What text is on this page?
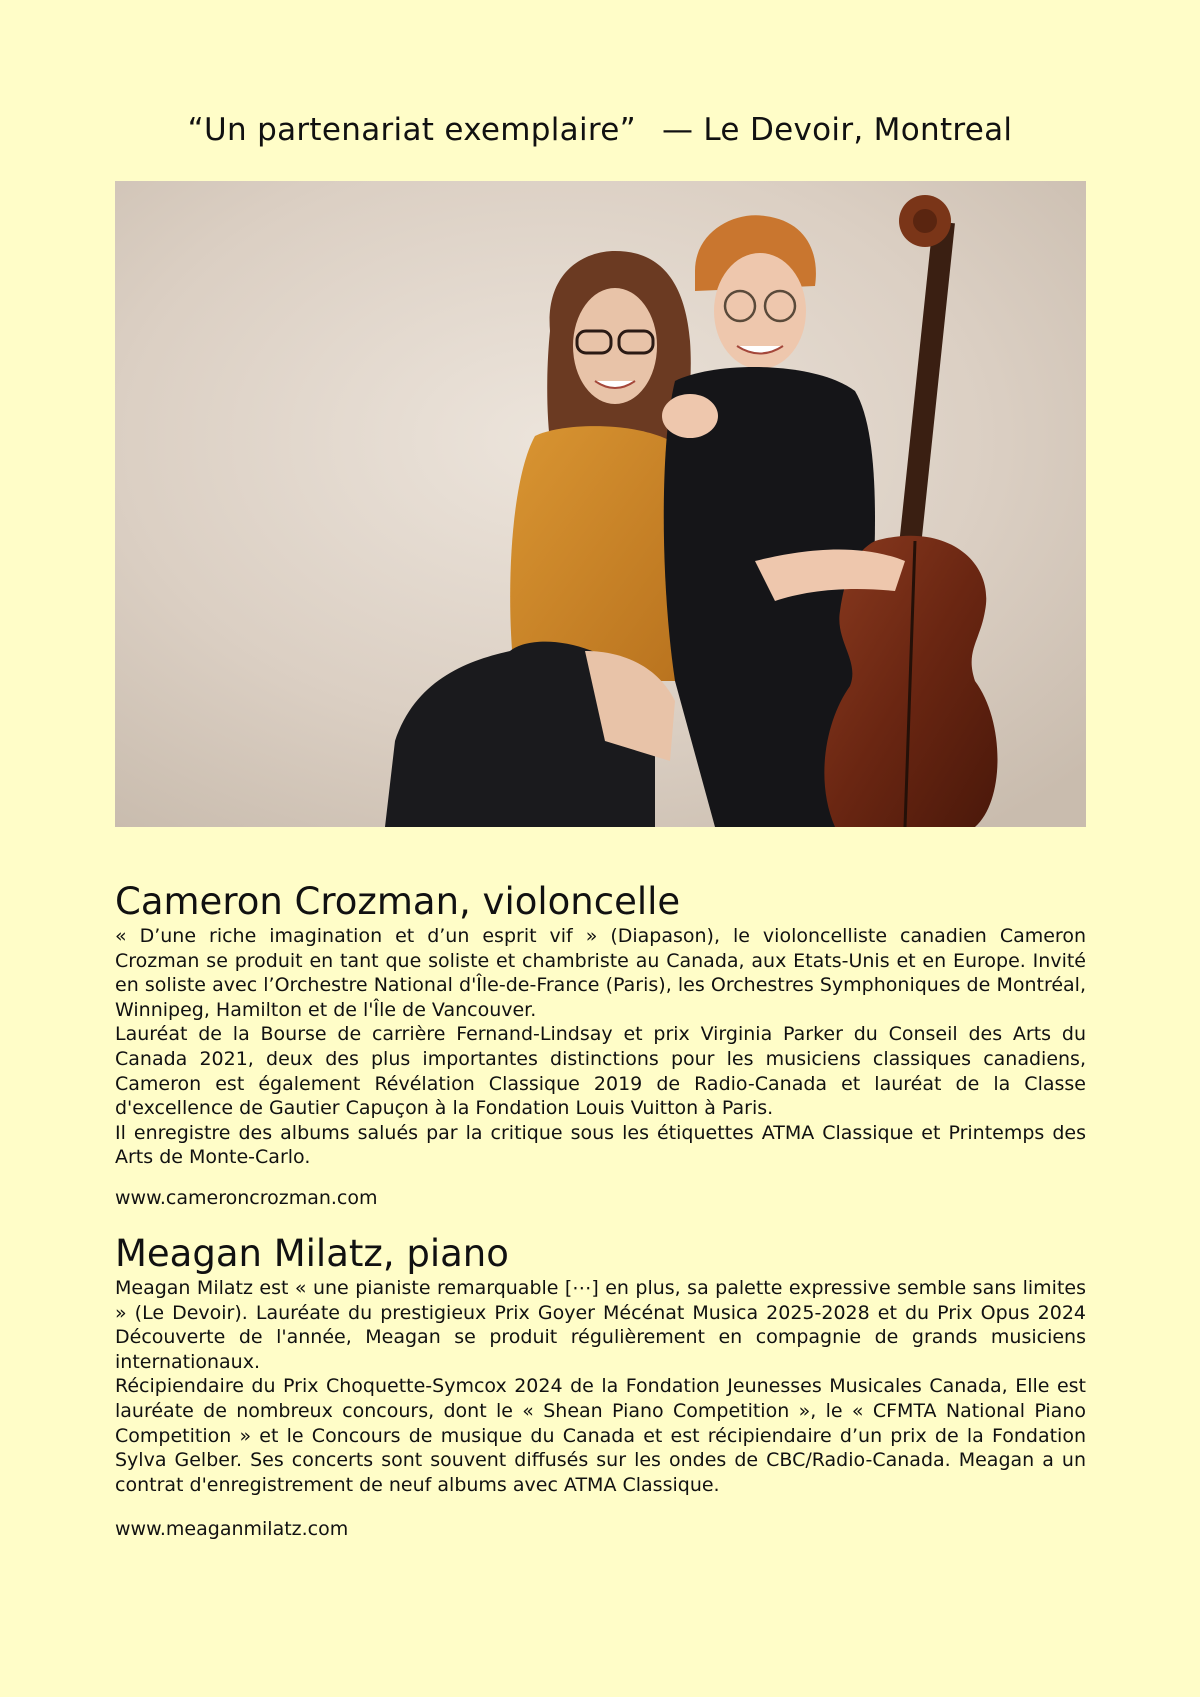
“Un partenariat exemplaire” — Le Devoir, Montreal
Cameron Crozman, violoncelle

« D’une riche imagination et d’un esprit vif » (Diapason), le violoncelliste canadien Cameron Crozman se produit en tant que soliste et chambriste au Canada, aux Etats-Unis et en Europe. Invité en soliste avec l’Orchestre National d'Île-de-France (Paris), les Orchestres Symphoniques de Montréal, Winnipeg, Hamilton et de l'Île de Vancouver.

Lauréat de la Bourse de carrière Fernand-Lindsay et prix Virginia Parker du Conseil des Arts du Canada 2021, deux des plus importantes distinctions pour les musiciens classiques canadiens, Cameron est également Révélation Classique 2019 de Radio-Canada et lauréat de la Classe d'excellence de Gautier Capuçon à la Fondation Louis Vuitton à Paris.

Il enregistre des albums salués par la critique sous les étiquettes ATMA Classique et Printemps des Arts de Monte-Carlo.

www.cameroncrozman.com

Meagan Milatz, piano

Meagan Milatz est « une pianiste remarquable [⋯] en plus, sa palette expressive semble sans limites » (Le Devoir). Lauréate du prestigieux Prix Goyer Mécénat Musica 2025-2028 et du Prix Opus 2024 Découverte de l'année, Meagan se produit régulièrement en compagnie de grands musiciens internationaux.

Récipiendaire du Prix Choquette-Symcox 2024 de la Fondation Jeunesses Musicales Canada, Elle est lauréate de nombreux concours, dont le « Shean Piano Competition », le « CFMTA National Piano Competition » et le Concours de musique du Canada et est récipiendaire d’un prix de la Fondation Sylva Gelber. Ses concerts sont souvent diffusés sur les ondes de CBC/Radio-Canada. Meagan a un contrat d'enregistrement de neuf albums avec ATMA Classique.

www.meaganmilatz.com
